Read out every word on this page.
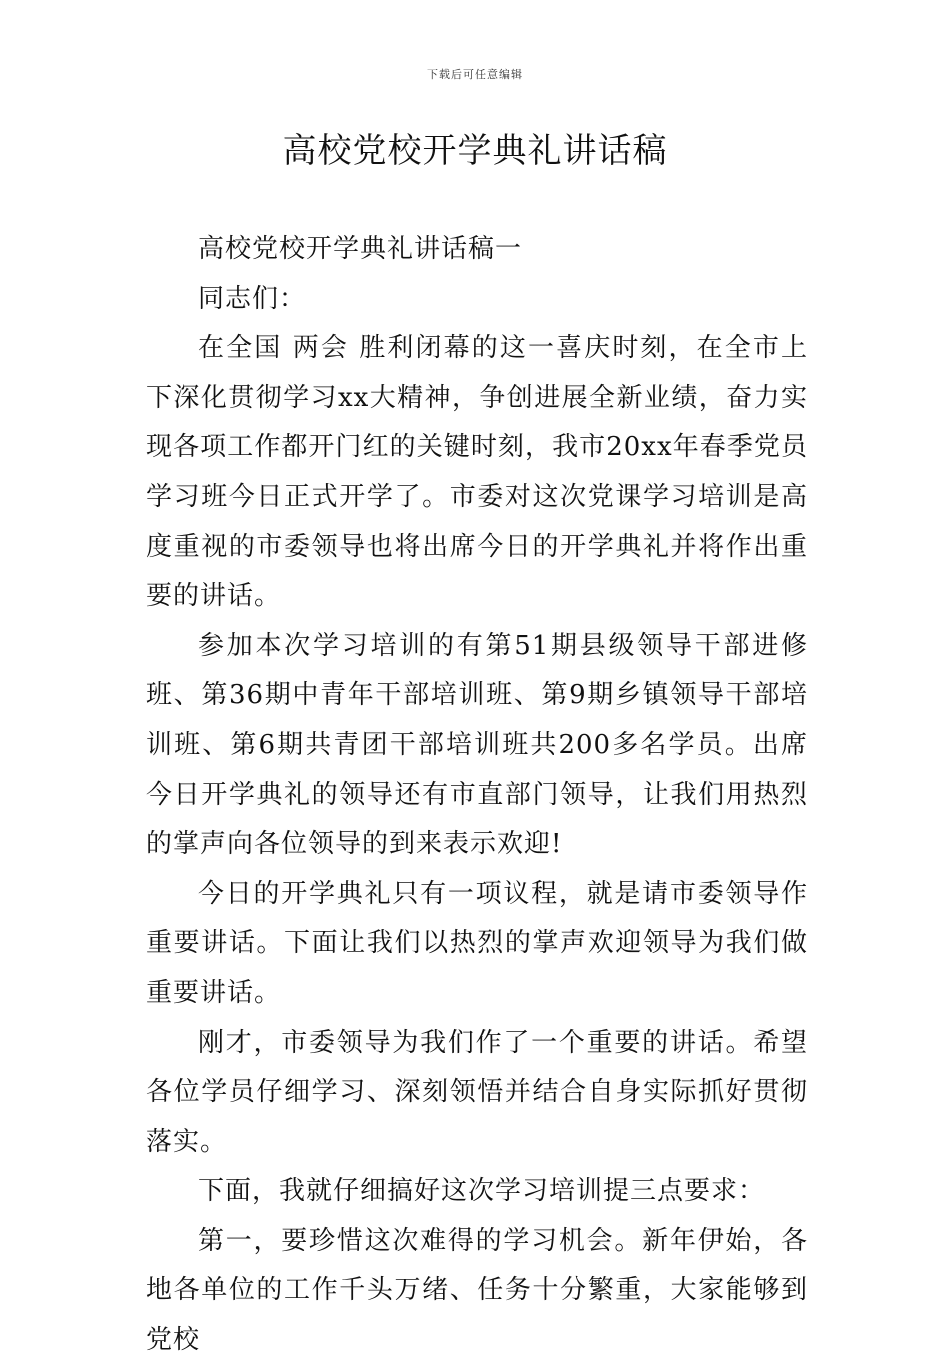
下载后可任意编辑
高校党校开学典礼讲话稿

高校党校开学典礼讲话稿一

同志们：

在全国 两会 胜利闭幕的这一喜庆时刻，在全市上下深化贯彻学习xx大精神，争创进展全新业绩，奋力实现各项工作都开门红的关键时刻，我市20xx年春季党员学习班今日正式开学了。市委对这次党课学习培训是高度重视的市委领导也将出席今日的开学典礼并将作出重要的讲话。

参加本次学习培训的有第51期县级领导干部进修班、第36期中青年干部培训班、第9期乡镇领导干部培训班、第6期共青团干部培训班共200多名学员。出席今日开学典礼的领导还有市直部门领导，让我们用热烈的掌声向各位领导的到来表示欢迎!

今日的开学典礼只有一项议程，就是请市委领导作重要讲话。下面让我们以热烈的掌声欢迎领导为我们做重要讲话。

刚才，市委领导为我们作了一个重要的讲话。希望各位学员仔细学习、深刻领悟并结合自身实际抓好贯彻落实。

下面，我就仔细搞好这次学习培训提三点要求：

第一，要珍惜这次难得的学习机会。新年伊始，各地各单位的工作千头万绪、任务十分繁重，大家能够到党校
